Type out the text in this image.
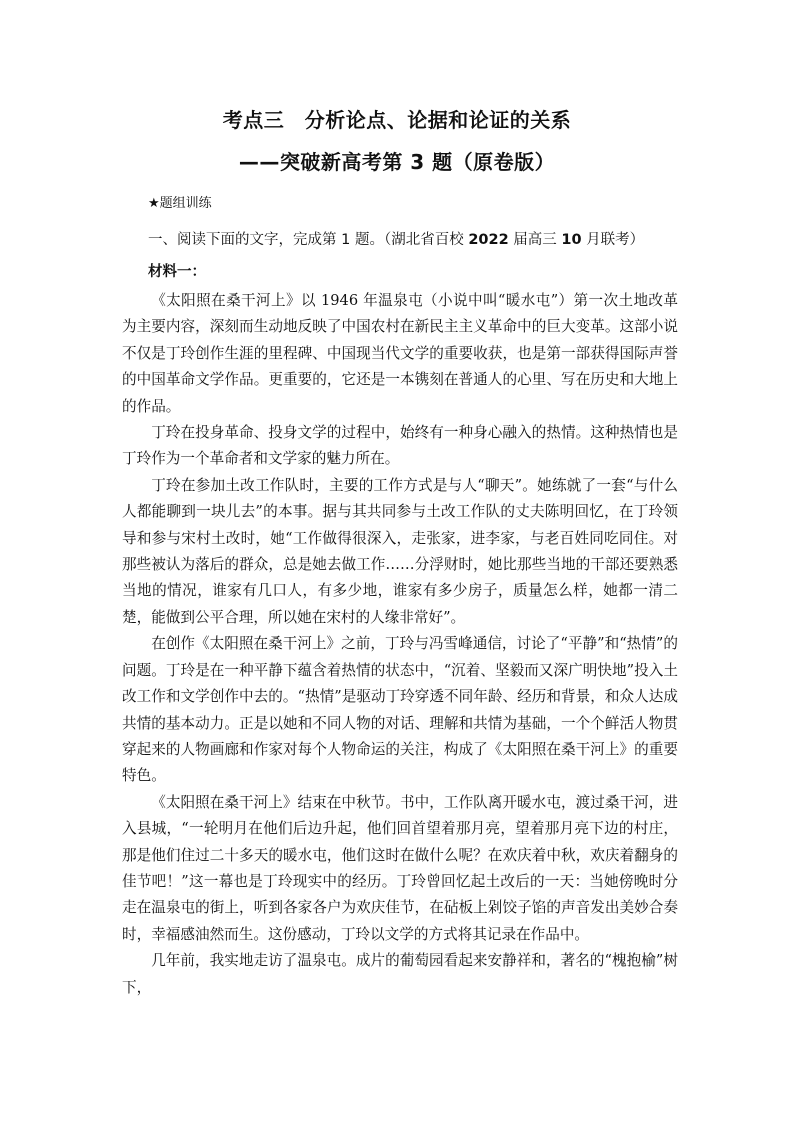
考点三　分析论点、论据和论证的关系
——突破新高考第 3 题（原卷版）
★题组训练
一、阅读下面的文字，完成第 1 题。（湖北省百校 2022 届高三 10 月联考）
材料一：

《太阳照在桑干河上》以 1946 年温泉屯（小说中叫“暖水屯”）第一次土地改革为主要内容，深刻而生动地反映了中国农村在新民主主义革命中的巨大变革。这部小说不仅是丁玲创作生涯的里程碑、中国现当代文学的重要收获，也是第一部获得国际声誉的中国革命文学作品。更重要的，它还是一本镌刻在普通人的心里、写在历史和大地上的作品。

丁玲在投身革命、投身文学的过程中，始终有一种身心融入的热情。这种热情也是丁玲作为一个革命者和文学家的魅力所在。

丁玲在参加土改工作队时，主要的工作方式是与人“聊天”。她练就了一套“与什么人都能聊到一块儿去”的本事。据与其共同参与土改工作队的丈夫陈明回忆，在丁玲领导和参与宋村土改时，她“工作做得很深入，走张家，进李家，与老百姓同吃同住。对那些被认为落后的群众，总是她去做工作……分浮财时，她比那些当地的干部还要熟悉当地的情况，谁家有几口人，有多少地，谁家有多少房子，质量怎么样，她都一清二楚，能做到公平合理，所以她在宋村的人缘非常好”。

在创作《太阳照在桑干河上》之前，丁玲与冯雪峰通信，讨论了“平静”和“热情”的问题。丁玲是在一种平静下蕴含着热情的状态中，“沉着、坚毅而又深广明快地”投入土改工作和文学创作中去的。“热情”是驱动丁玲穿透不同年龄、经历和背景，和众人达成共情的基本动力。正是以她和不同人物的对话、理解和共情为基础，一个个鲜活人物贯穿起来的人物画廊和作家对每个人物命运的关注，构成了《太阳照在桑干河上》的重要特色。

《太阳照在桑干河上》结束在中秋节。书中，工作队离开暖水屯，渡过桑干河，进入县城，“一轮明月在他们后边升起，他们回首望着那月亮，望着那月亮下边的村庄，那是他们住过二十多天的暖水屯，他们这时在做什么呢？在欢庆着中秋，欢庆着翻身的佳节吧！”这一幕也是丁玲现实中的经历。丁玲曾回忆起土改后的一天：当她傍晚时分走在温泉屯的街上，听到各家各户为欢庆佳节，在砧板上剁饺子馅的声音发出美妙合奏时，幸福感油然而生。这份感动，丁玲以文学的方式将其记录在作品中。

几年前，我实地走访了温泉屯。成片的葡萄园看起来安静祥和，著名的“槐抱榆”树下，
